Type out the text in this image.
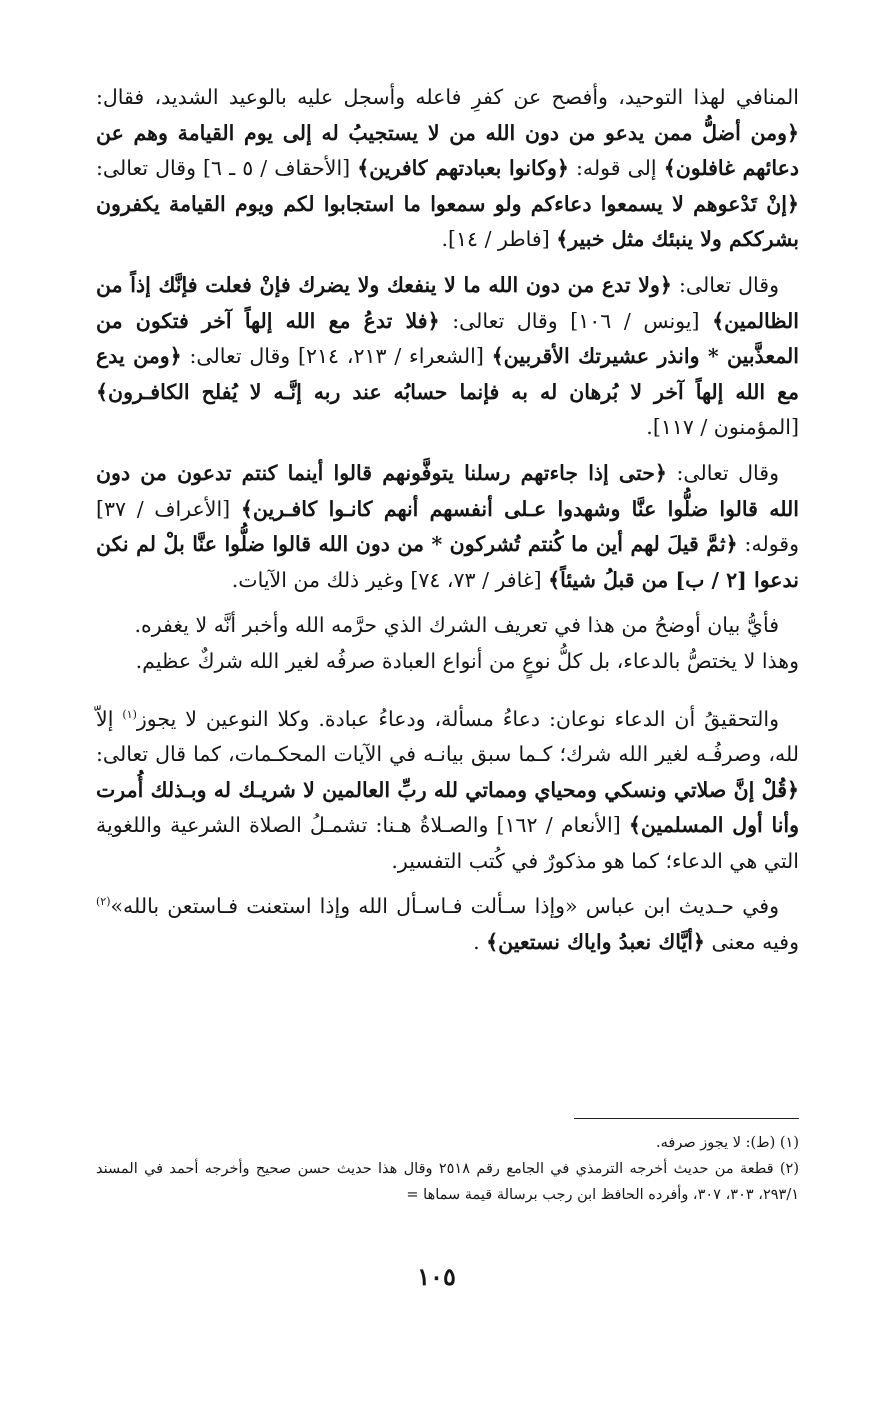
المنافي لهذا التوحيد، وأفصح عن كفرِ فاعله وأسجل عليه بالوعيد الشديد، فقال: ﴿ومن أضلُّ ممن يدعو من دون الله من لا يستجيبُ له إلى يوم القيامة وهم عن دعائهم غافلون﴾ إلى قوله: ﴿وكانوا بعبادتهم كافرين﴾ [الأحقاف / ٥ ـ ٦] وقال تعالى: ﴿إنْ تَدْعوهم لا يسمعوا دعاءكم ولو سمعوا ما استجابوا لكم ويوم القيامة يكفرون بشرككم ولا ينبئك مثل خبير﴾ [فاطر / ١٤].

وقال تعالى: ﴿ولا تدع من دون الله ما لا ينفعك ولا يضرك فإنْ فعلت فإنَّك إذاً من الظالمين﴾ [يونس / ١٠٦] وقال تعالى: ﴿فلا تدعُ مع الله إلهاً آخر فتكون من المعذَّبين * وانذر عشيرتك الأقربين﴾ [الشعراء / ٢١٣، ٢١٤] وقال تعالى: ﴿ومن يدع مع الله إلهاً آخر لا بُرهان له به فإنما حسابُه عند ربه إنَّـه لا يُفلح الكافـرون﴾ [المؤمنون / ١١٧].

وقال تعالى: ﴿حتى إذا جاءتهم رسلنا يتوفَّونهم قالوا أينما كنتم تدعون من دون الله قالوا ضلُّوا عنَّا وشهدوا عـلى أنفسهم أنهم كانـوا كافـرين﴾ [الأعراف / ٣٧] وقوله: ﴿ثمَّ قيلَ لهم أين ما كُنتم تُشركون * من دون الله قالوا ضلُّوا عنَّا بلْ لم نكن ندعوا [٢ / ب] من قبلُ شيئاً﴾ [غافر / ٧٣، ٧٤] وغير ذلك من الآيات.

فأيُّ بيان أوضحُ من هذا في تعريف الشرك الذي حرَّمه الله وأخبر أنَّه لا يغفره.

وهذا لا يختصُّ بالدعاء، بل كلُّ نوعٍ من أنواع العبادة صرفُه لغير الله شركٌ عظيم.

والتحقيقُ أن الدعاء نوعان: دعاءُ مسألة، ودعاءُ عبادة. وكلا النوعين لا يجوز$^{(١)}$ إلاّ لله، وصرفُـه لغير الله شرك؛ كـما سبق بيانـه في الآيات المحكـمات، كما قال تعالى: ﴿قُلْ إنَّ صلاتي ونسكي ومحياي ومماتي لله ربِّ العالمين لا شريـك له وبـذلك أُمرت وأنا أول المسلمين﴾ [الأنعام / ١٦٢] والصـلاةُ هـنا: تشمـلُ الصلاة الشرعية واللغوية التي هي الدعاء؛ كما هو مذكورٌ في كُتب التفسير.

وفي حـديث ابن عباس «وإذا سـألت فـاسـأل الله وإذا استعنت فـاستعن بالله»$^{(٢)}$ وفيه معنى ﴿أيَّاك نعبدُ واياك نستعين﴾ .

(١) (ط): لا يجوز صرفه.

(٢) قطعة من حديث أخرجه الترمذي في الجامع رقم ٢٥١٨ وقال هذا حديث حسن صحيح وأخرجه أحمد في المسند ٢٩٣/١، ٣٠٣، ٣٠٧، وأفرده الحافظ ابن رجب برسالة قيمة سماها =

١٠٥
